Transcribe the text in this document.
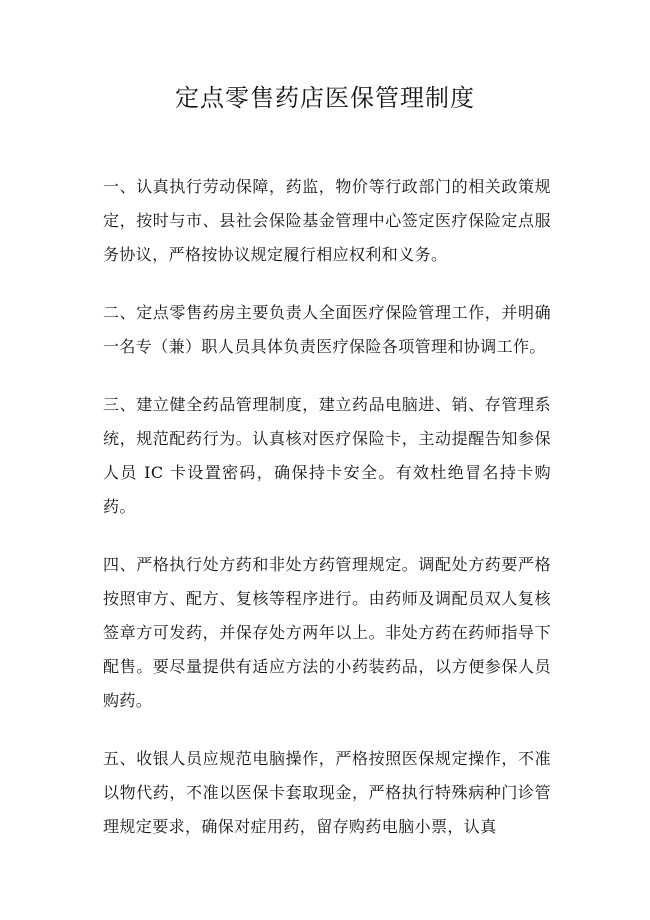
定点零售药店医保管理制度

一、认真执行劳动保障，药监，物价等行政部门的相关政策规定，按时与市、县社会保险基金管理中心签定医疗保险定点服务协议，严格按协议规定履行相应权利和义务。

二、定点零售药房主要负责人全面医疗保险管理工作，并明确一名专（兼）职人员具体负责医疗保险各项管理和协调工作。

三、建立健全药品管理制度，建立药品电脑进、销、存管理系统，规范配药行为。认真核对医疗保险卡，主动提醒告知参保人员 IC 卡设置密码，确保持卡安全。有效杜绝冒名持卡购药。

四、严格执行处方药和非处方药管理规定。调配处方药要严格按照审方、配方、复核等程序进行。由药师及调配员双人复核签章方可发药，并保存处方两年以上。非处方药在药师指导下配售。要尽量提供有适应方法的小药装药品，以方便参保人员购药。

五、收银人员应规范电脑操作，严格按照医保规定操作，不准以物代药，不准以医保卡套取现金，严格执行特殊病种门诊管理规定要求，确保对症用药，留存购药电脑小票，认真
